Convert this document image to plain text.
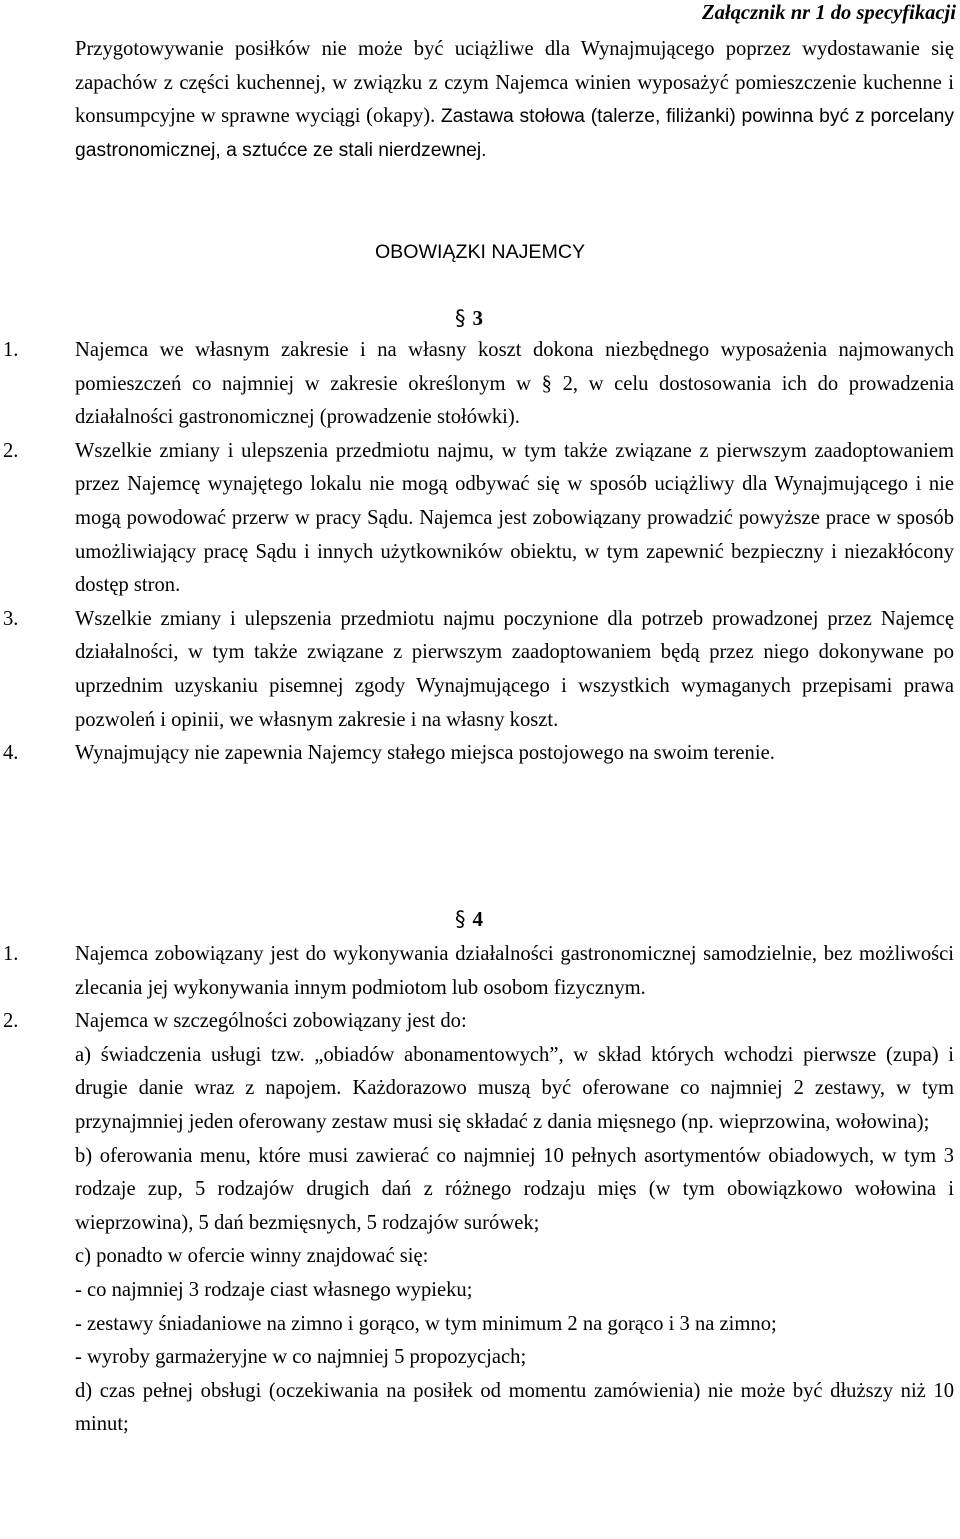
Załącznik nr 1 do specyfikacji
Przygotowywanie posiłków nie może być uciążliwe dla Wynajmującego poprzez wydostawanie się zapachów z części kuchennej, w związku z czym Najemca winien wyposażyć pomieszczenie kuchenne i konsumpcyjne w sprawne wyciągi (okapy). Zastawa stołowa (talerze, filiżanki) powinna być z porcelany gastronomicznej, a sztućce ze stali nierdzewnej.
OBOWIĄZKI NAJEMCY
§ 3
1.	Najemca we własnym zakresie i na własny koszt dokona niezbędnego wyposażenia najmowanych pomieszczeń co najmniej w zakresie określonym w § 2, w celu dostosowania ich do prowadzenia działalności gastronomicznej (prowadzenie stołówki).
2.	Wszelkie zmiany i ulepszenia przedmiotu najmu, w tym także związane z pierwszym zaadoptowaniem przez Najemcę wynajętego lokalu nie mogą odbywać się w sposób uciążliwy dla Wynajmującego i nie mogą powodować przerw w pracy Sądu. Najemca jest zobowiązany prowadzić powyższe prace w sposób umożliwiający pracę Sądu i innych użytkowników obiektu, w tym zapewnić bezpieczny i niezakłócony dostęp stron.
3.	Wszelkie zmiany i ulepszenia przedmiotu najmu poczynione dla potrzeb prowadzonej przez Najemcę działalności, w tym także związane z pierwszym zaadoptowaniem będą przez niego dokonywane po uprzednim uzyskaniu pisemnej zgody Wynajmującego i wszystkich wymaganych przepisami prawa pozwoleń i opinii, we własnym zakresie i na własny koszt.
4.	Wynajmujący nie zapewnia Najemcy stałego miejsca postojowego na swoim terenie.
§ 4
1.	Najemca zobowiązany jest do wykonywania działalności gastronomicznej samodzielnie, bez możliwości zlecania jej wykonywania innym podmiotom lub osobom fizycznym.
2.	Najemca w szczególności zobowiązany jest do:
a) świadczenia usługi tzw. „obiadów abonamentowych”, w skład których wchodzi pierwsze (zupa) i drugie danie wraz z napojem. Każdorazowo muszą być oferowane co najmniej 2 zestawy, w tym przynajmniej jeden oferowany zestaw musi się składać z dania mięsnego (np. wieprzowina, wołowina);
b) oferowania menu, które musi zawierać co najmniej 10 pełnych asortymentów obiadowych, w tym 3 rodzaje zup, 5 rodzajów drugich dań z różnego rodzaju mięs (w tym obowiązkowo wołowina i wieprzowina), 5 dań bezmięsnych, 5 rodzajów surówek;
c) ponadto w ofercie winny znajdować się:
- co najmniej 3 rodzaje ciast własnego wypieku;
- zestawy śniadaniowe na zimno i gorąco, w tym minimum 2 na gorąco i 3 na zimno;
- wyroby garmażeryjne w co najmniej 5 propozycjach;
d) czas pełnej obsługi (oczekiwania na posiłek od momentu zamówienia) nie może być dłuższy niż 10 minut;
